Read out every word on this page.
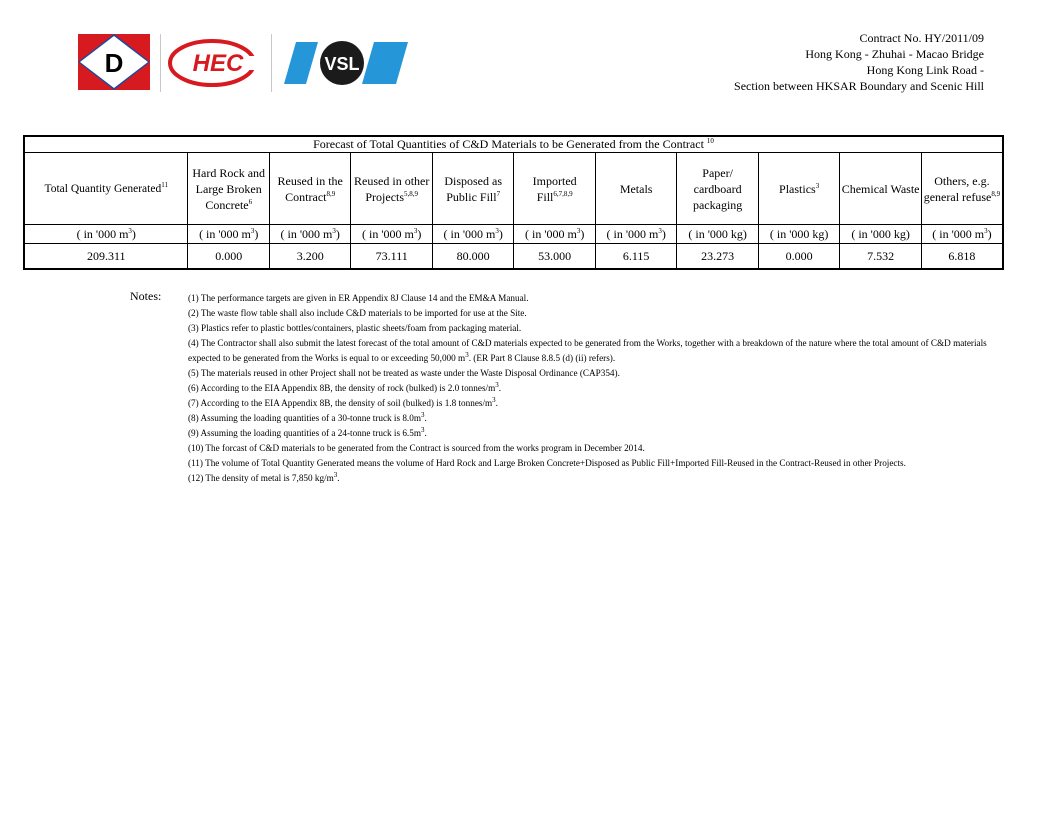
D	HEC	VSL
Contract No. HY/2011/09
Hong Kong - Zhuhai - Macao Bridge
Hong Kong Link Road -
Section between HKSAR Boundary and Scenic Hill
Forecast of Total Quantities of C&D Materials to be Generated from the Contract $^{10}$
Total Quantity Generated$^{11}$	Hard Rock and Large Broken Concrete$^6$	Reused in the Contract$^{8,9}$	Reused in other Projects$^{5,8,9}$	Disposed as Public Fill$^7$	Imported Fill$^{6,7,8,9}$	Metals	Paper/ cardboard packaging	Plastics$^3$	Chemical Waste	Others, e.g. general refuse$^{8,9}$
( in '000 $m^3$)	( in '000 $m^3$)	( in '000 $m^3$)	( in '000 $m^3$)	( in '000 $m^3$)	( in '000 $m^3$)	( in '000 $m^3$)	( in '000 kg)	( in '000 kg)	( in '000 kg)	( in '000 $m^3$)
209.311	0.000	3.200	73.111	80.000	53.000	6.115	23.273	0.000	7.532	6.818
Notes:	(1) The performance targets are given in ER Appendix 8J Clause 14 and the EM&A Manual.
(2) The waste flow table shall also include C&D materials to be imported for use at the Site.
(3) Plastics refer to plastic bottles/containers, plastic sheets/foam from packaging material.
(4) The Contractor shall also submit the latest forecast of the total amount of C&D materials expected to be generated from the Works, together with a breakdown of the nature where the total amount of C&D materials expected to be generated from the Works is equal to or exceeding 50,000 $m^3$. (ER Part 8 Clause 8.8.5 (d) (ii) refers).
(5) The materials reused in other Project shall not be treated as waste under the Waste Disposal Ordinance (CAP354).
(6) According to the EIA Appendix 8B, the density of rock (bulked) is 2.0 tonnes/$m^3$.
(7) According to the EIA Appendix 8B, the density of soil (bulked) is 1.8 tonnes/$m^3$.
(8) Assuming the loading quantities of a 30-tonne truck is $8.0m^3$.
(9) Assuming the loading quantities of a 24-tonne truck is $6.5m^3$.
(10) The forcast of C&D materials to be generated from the Contract is sourced from the works program in December 2014.
(11) The volume of Total Quantity Generated means the volume of Hard Rock and Large Broken Concrete+Disposed as Public Fill+Imported Fill-Reused in the Contract-Reused in other Projects.
(12) The density of metal is 7,850 $kg/m^3$.
